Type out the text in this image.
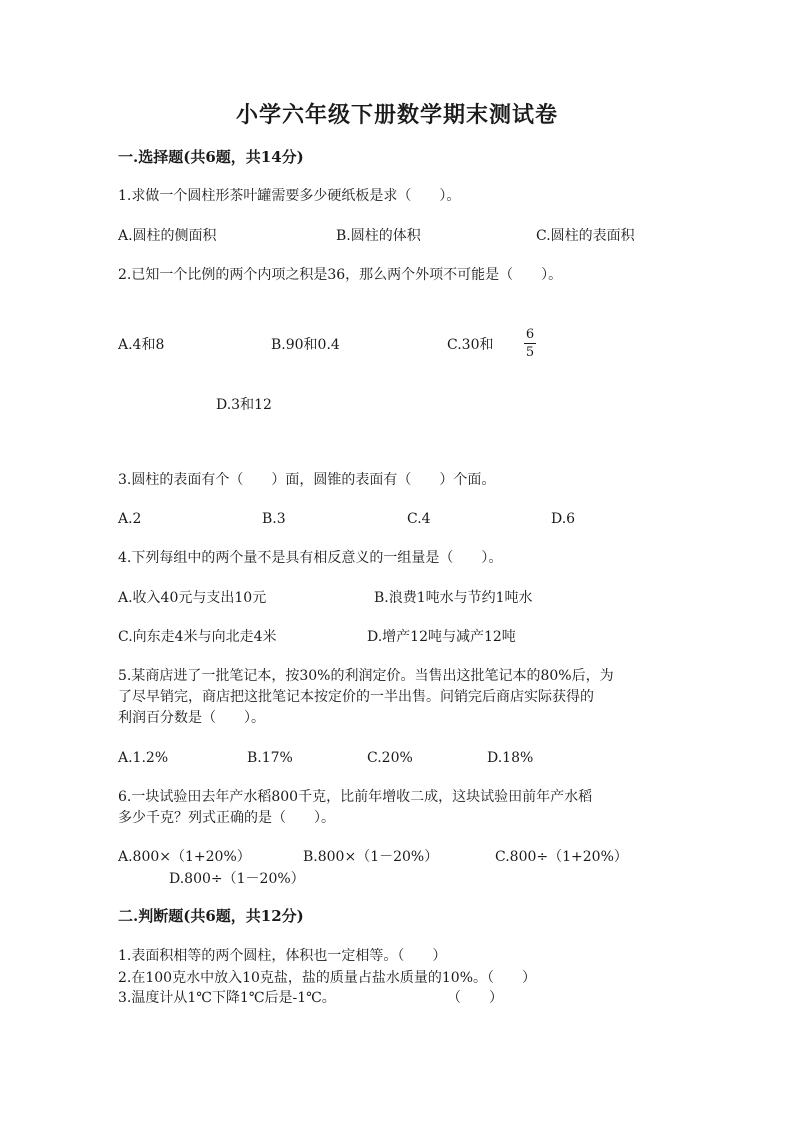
小学六年级下册数学期末测试卷
一.选择题(共6题，共14分)
1.求做一个圆柱形茶叶罐需要多少硬纸板是求（　　）。
A.圆柱的侧面积	B.圆柱的体积	C.圆柱的表面积
2.已知一个比例的两个内项之积是36，那么两个外项不可能是（　　）。
A.4和8	B.90和0.4	C.30和
6
5
D.3和12
3.圆柱的表面有个（　　）面，圆锥的表面有（　　）个面。
A.2	B.3	C.4	D.6
4.下列每组中的两个量不是具有相反意义的一组量是（　　）。
A.收入40元与支出10元	B.浪费1吨水与节约1吨水
C.向东走4米与向北走4米	D.增产12吨与减产12吨
5.某商店进了一批笔记本，按30%的利润定价。当售出这批笔记本的80%后，为
了尽早销完，商店把这批笔记本按定价的一半出售。问销完后商店实际获得的
利润百分数是（　　）。
A.1.2%	B.17%	C.20%	D.18%
6.一块试验田去年产水稻800千克，比前年增收二成，这块试验田前年产水稻
多少千克？列式正确的是（　　）。
A.800×（1+20%）	B.800×（1－20%）	C.800÷（1+20%）
D.800÷（1－20%）
二.判断题(共6题，共12分)
1.表面积相等的两个圆柱，体积也一定相等。（　　）
2.在100克水中放入10克盐，盐的质量占盐水质量的10%。（　　）
3.温度计从1℃下降1℃后是-1℃。	（　　）
